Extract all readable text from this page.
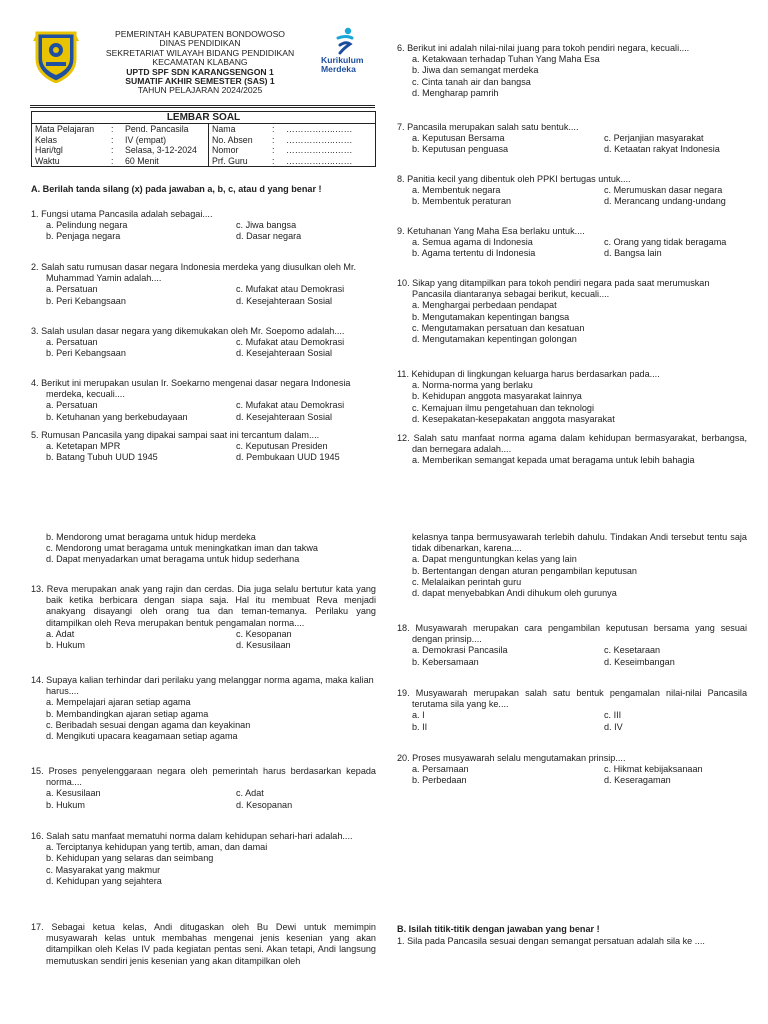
Kurikulum
Merdeka
PEMERINTAH KABUPATEN BONDOWOSO
DINAS PENDIDIKAN
SEKRETARIAT WILAYAH BIDANG PENDIDIKAN
KECAMATAN KLABANG
UPTD SPF SDN KARANGSENGON 1
SUMATIF AKHIR SEMESTER (SAS) 1
TAHUN PELAJARAN 2024/2025
LEMBAR SOAL
Mata Pelajaran	:	Pend. Pancasila	Nama	:	……………..……
Kelas	:	IV (empat)	No. Absen	:	……………..……
Hari/tgl	:	Selasa, 3-12-2024	Nomor	:	……………..……
Waktu	:	60 Menit	Prf. Guru	:	……………..……
A. Berilah tanda silang (x) pada jawaban a, b, c, atau d yang benar !
1. Fungsi utama Pancasila adalah sebagai....
a. Pelindung negara	c. Jiwa bangsa
b. Penjaga negara	d. Dasar negara
2. Salah satu rumusan dasar negara Indonesia merdeka yang diusulkan oleh Mr. Muhammad Yamin adalah....
a. Persatuan	c. Mufakat atau Demokrasi
b. Peri Kebangsaan	d. Kesejahteraan Sosial
3. Salah usulan dasar negara yang dikemukakan oleh Mr. Soepomo adalah....
a. Persatuan	c. Mufakat atau Demokrasi
b. Peri Kebangsaan	d. Kesejahteraan Sosial
4. Berikut ini merupakan usulan Ir. Soekarno mengenai dasar negara Indonesia merdeka, kecuali....
a. Persatuan	c. Mufakat atau Demokrasi
b. Ketuhanan yang berkebudayaan	d. Kesejahteraan Sosial
5. Rumusan Pancasila yang dipakai sampai saat ini tercantum dalam....
a. Ketetapan MPR	c. Keputusan Presiden
b. Batang Tubuh UUD 1945	d. Pembukaan UUD 1945
6. Berikut ini adalah nilai-nilai juang para tokoh pendiri negara, kecuali....
a. Ketakwaan terhadap Tuhan Yang Maha Esa
b. Jiwa dan semangat merdeka
c. Cinta tanah air dan bangsa
d. Mengharap pamrih
7. Pancasila merupakan salah satu bentuk....
a. Keputusan Bersama	c. Perjanjian masyarakat
b. Keputusan penguasa	d. Ketaatan rakyat Indonesia
8. Panitia kecil yang dibentuk oleh PPKI bertugas untuk....
a. Membentuk negara	c. Merumuskan dasar negara
b. Membentuk peraturan	d. Merancang undang-undang
9. Ketuhanan Yang Maha Esa berlaku untuk....
a. Semua agama di Indonesia	c. Orang yang tidak beragama
b. Agama tertentu di Indonesia	d. Bangsa lain
10. Sikap yang ditampilkan para tokoh pendiri negara pada saat merumuskan Pancasila diantaranya sebagai berikut, kecuali....
a. Menghargai perbedaan pendapat
b. Mengutamakan kepentingan bangsa
c. Mengutamakan persatuan dan kesatuan
d. Mengutamakan kepentingan golongan
11. Kehidupan di lingkungan keluarga harus berdasarkan pada....
a. Norma-norma yang berlaku
b. Kehidupan anggota masyarakat lainnya
c. Kemajuan ilmu pengetahuan dan teknologi
d. Kesepakatan-kesepakatan anggota masyarakat
12. Salah satu manfaat norma agama dalam kehidupan bermasyarakat, berbangsa, dan bernegara adalah....
a. Memberikan semangat kepada umat beragama untuk lebih bahagia
b. Mendorong umat beragama untuk hidup merdeka
c. Mendorong umat beragama untuk meningkatkan iman dan takwa
d. Dapat menyadarkan umat beragama untuk hidup sederhana
13. Reva merupakan anak yang rajin dan cerdas. Dia juga selalu bertutur kata yang baik ketika berbicara dengan siapa saja. Hal itu membuat Reva menjadi anakyang disayangi oleh orang tua dan teman-temanya. Perilaku yang ditampilkan oleh Reva merupakan bentuk pengamalan norma....
a. Adat	c. Kesopanan
b. Hukum	d. Kesusilaan
14. Supaya kalian terhindar dari perilaku yang melanggar norma agama, maka kalian harus....
a. Mempelajari ajaran setiap agama
b. Membandingkan ajaran setiap agama
c. Beribadah sesuai dengan agama dan keyakinan
d. Mengikuti upacara keagamaan setiap agama
15. Proses penyelenggaraan negara oleh pemerintah harus berdasarkan kepada norma....
a. Kesusilaan	c. Adat
b. Hukum	d. Kesopanan
16. Salah satu manfaat mematuhi norma dalam kehidupan sehari-hari adalah....
a. Terciptanya kehidupan yang tertib, aman, dan damai
b. Kehidupan yang selaras dan seimbang
c. Masyarakat yang makmur
d. Kehidupan yang sejahtera
17. Sebagai ketua kelas, Andi ditugaskan oleh Bu Dewi untuk memimpin musyawarah kelas untuk membahas mengenai jenis kesenian yang akan ditampilkan oleh Kelas IV pada kegiatan pentas seni. Akan tetapi, Andi langsung memutuskan sendiri jenis kesenian yang akan ditampilkan oleh
kelasnya tanpa bermusyawarah terlebih dahulu. Tindakan Andi tersebut tentu saja tidak dibenarkan, karena....
a. Dapat menguntungkan kelas yang lain
b. Bertentangan dengan aturan pengambilan keputusan
c. Melalaikan perintah guru
d. dapat menyebabkan Andi dihukum oleh gurunya
18. Musyawarah merupakan cara pengambilan keputusan bersama yang sesuai dengan prinsip....
a. Demokrasi Pancasila	c. Kesetaraan
b. Kebersamaan	d. Keseimbangan
19. Musyawarah merupakan salah satu bentuk pengamalan nilai-nilai Pancasila terutama sila yang ke....
a. I	c. III
b. II	d. IV
20. Proses musyawarah selalu mengutamakan prinsip....
a. Persamaan	c. Hikmat kebijaksanaan
b. Perbedaan	d. Keseragaman
B. Isilah titik-titik dengan jawaban yang benar !
1. Sila pada Pancasila sesuai dengan semangat persatuan adalah sila ke ....
